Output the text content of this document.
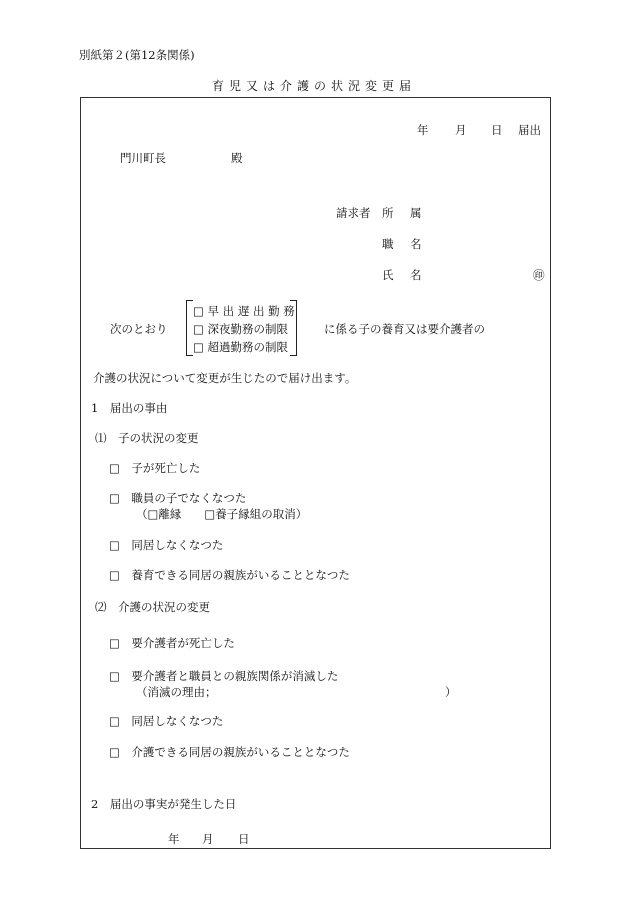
別紙第２(第12条関係)
育児又は介護の状況変更届
年 月 日 届出
門川町長	殿
請求者 所 属
職 名
氏 名	㊞
次のとおり
□ 早 出 遅 出 勤 務
□ 深夜勤務の制限
□ 超過勤務の制限
に係る子の養育又は要介護者の
介護の状況について変更が生じたので届け出ます。
1　届出の事由
⑴　子の状況の変更
□　子が死亡した
□　職員の子でなくなつた
（□離縁　　□養子縁組の取消）
□　同居しなくなつた
□　養育できる同居の親族がいることとなつた
⑵　介護の状況の変更
□　要介護者が死亡した
□　要介護者と職員との親族関係が消滅した
（消滅の理由；	）
□　同居しなくなつた
□　介護できる同居の親族がいることとなつた
2　届出の事実が発生した日
年 月 日
